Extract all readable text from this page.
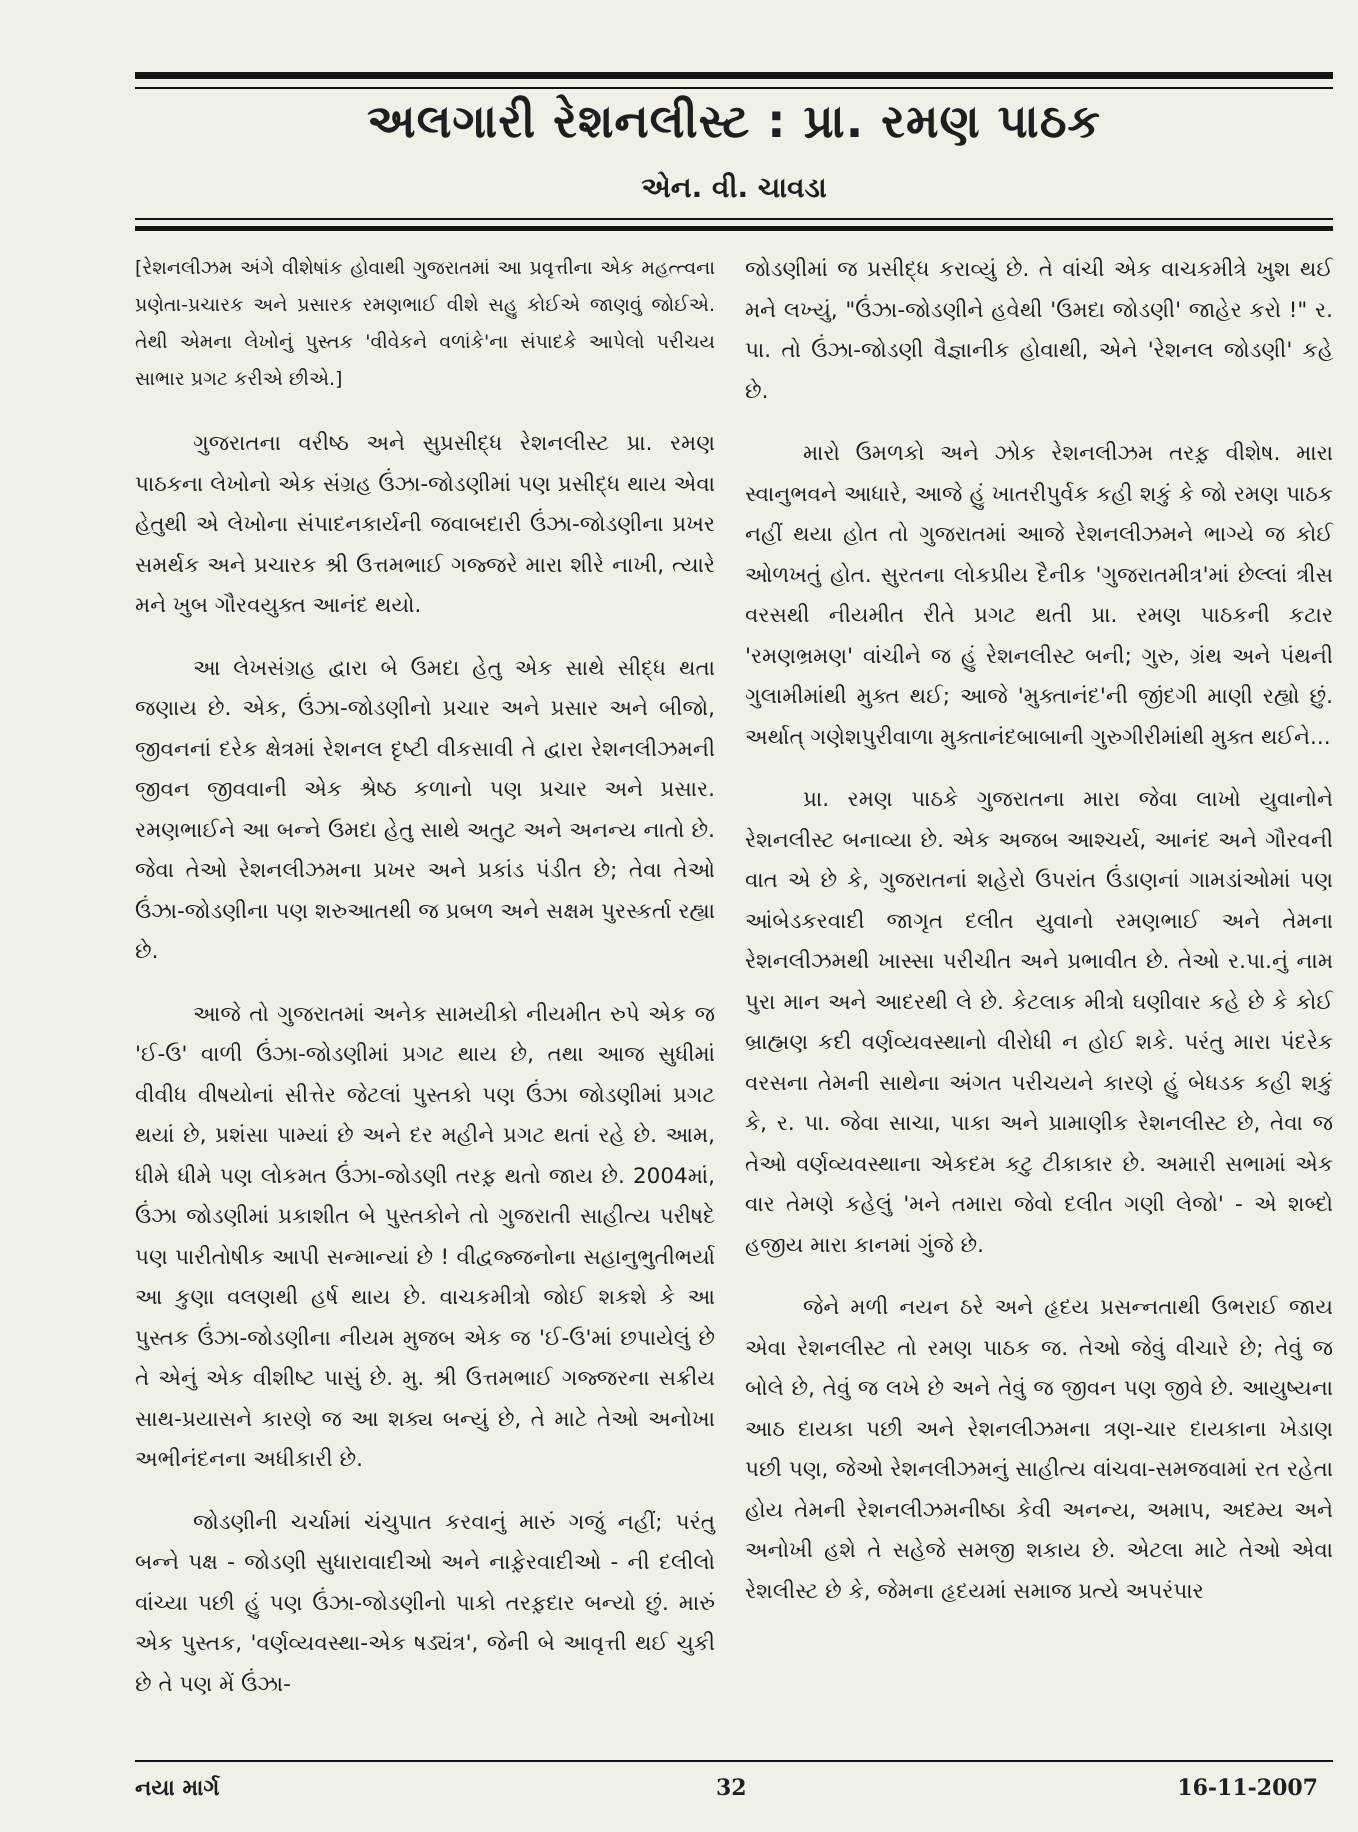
અલગારી રેશનલીસ્ટ : પ્રા. રમણ પાઠક
એન. વી. ચાવડા

[રેશનલીઝમ અંગે વીશેષાંક હોવાથી ગુજરાતમાં આ પ્રવૃત્તીના એક મહત્ત્વના પ્રણેતા-પ્રચારક અને પ્રસારક રમણભાઈ વીશે સહુ કોઈએ જાણવું જોઈએ. તેથી એમના લેખોનું પુસ્તક 'વીવેકને વળાંકે'ના સંપાદકે આપેલો પરીચય સાભાર પ્રગટ કરીએ છીએ.]

ગુજરાતના વરીષ્ઠ અને સુપ્રસીદ્ધ રેશનલીસ્ટ પ્રા. રમણ પાઠકના લેખોનો એક સંગ્રહ ઉંઝા-જોડણીમાં પણ પ્રસીદ્ધ થાય એવા હેતુથી એ લેખોના સંપાદનકાર્યની જવાબદારી ઉંઝા-જોડણીના પ્રખર સમર્થક અને પ્રચારક શ્રી ઉત્તમભાઈ ગજ્જરે મારા શીરે નાખી, ત્યારે મને ખુબ ગૌરવયુક્ત આનંદ થયો.

આ લેખસંગ્રહ દ્વારા બે ઉમદા હેતુ એક સાથે સીદ્ધ થતા જણાય છે. એક, ઉંઝા-જોડણીનો પ્રચાર અને પ્રસાર અને બીજો, જીવનનાં દરેક ક્ષેત્રમાં રેશનલ દૃષ્ટી વીકસાવી તે દ્વારા રેશનલીઝમની જીવન જીવવાની એક શ્રેષ્ઠ કળાનો પણ પ્રચાર અને પ્રસાર. રમણભાઈને આ બન્ને ઉમદા હેતુ સાથે અતુટ અને અનન્ય નાતો છે. જેવા તેઓ રેશનલીઝમના પ્રખર અને પ્રકાંડ પંડીત છે; તેવા તેઓ ઉંઝા-જોડણીના પણ શરુઆતથી જ પ્રબળ અને સક્ષમ પુરસ્કર્તા રહ્યા છે.

આજે તો ગુજરાતમાં અનેક સામયીકો નીયમીત રુપે એક જ 'ઈ-ઉ' વાળી ઉંઝા-જોડણીમાં પ્રગટ થાય છે, તથા આજ સુધીમાં વીવીધ વીષયોનાં સીત્તેર જેટલાં પુસ્તકો પણ ઉંઝા જોડણીમાં પ્રગટ થયાં છે, પ્રશંસા પામ્યાં છે અને દર મહીને પ્રગટ થતાં રહે છે. આમ, ધીમે ધીમે પણ લોકમત ઉંઝા-જોડણી તરફ઼ થતો જાય છે. 2004માં, ઉંઝા જોડણીમાં પ્રકાશીત બે પુસ્તકોને તો ગુજરાતી સાહીત્ય પરીષદે પણ પારીતોષીક આપી સન્માન્યાં છે ! વીદ્વજ્જનોના સહાનુભુતીભર્યા આ કુણા વલણથી હર્ષ થાય છે. વાચકમીત્રો જોઈ શકશે કે આ પુસ્તક ઉંઝા-જોડણીના નીયમ મુજબ એક જ 'ઈ-ઉ'માં છપાયેલું છે તે એનું એક વીશીષ્ટ પાસું છે. મુ. શ્રી ઉત્તમભાઈ ગજ્જરના સક્રીય સાથ-પ્રયાસને કારણે જ આ શક્ય બન્યું છે, તે માટે તેઓ અનોખા અભીનંદનના અધીકારી છે.

જોડણીની ચર્ચામાં ચંચુપાત કરવાનું મારું ગજું નહીં; પરંતુ બન્ને પક્ષ - જોડણી સુધારાવાદીઓ અને નાફ઼ેરવાદીઓ - ની દલીલો વાંચ્યા પછી હું પણ ઉંઝા-જોડણીનો પાકો તરફ઼દાર બન્યો છું. મારું એક પુસ્તક, 'વર્ણવ્યવસ્થા-એક ષડ્યંત્ર', જેની બે આવૃત્તી થઈ ચુકી છે તે પણ મેં ઉંઝા-

જોડણીમાં જ પ્રસીદ્ધ કરાવ્યું છે. તે વાંચી એક વાચકમીત્રે ખુશ થઈ મને લખ્યું, "ઉંઝા-જોડણીને હવેથી 'ઉમદા જોડણી' જાહેર કરો !" ર. પા. તો ઉંઝા-જોડણી વૈજ્ઞાનીક હોવાથી, એને 'રેશનલ જોડણી' કહે છે.

મારો ઉમળકો અને ઝોક રેશનલીઝમ તરફ઼ વીશેષ. મારા સ્વાનુભવને આધારે, આજે હું ખાતરીપુર્વક કહી શકું કે જો રમણ પાઠક નહીં થયા હોત તો ગુજરાતમાં આજે રેશનલીઝમને ભાગ્યે જ કોઈ ઓળખતું હોત. સુરતના લોકપ્રીય દૈનીક 'ગુજરાતમીત્ર'માં છેલ્લાં ત્રીસ વરસથી નીયમીત રીતે પ્રગટ થતી પ્રા. રમણ પાઠકની કટાર 'રમણભ્રમણ' વાંચીને જ હું રેશનલીસ્ટ બની; ગુરુ, ગ્રંથ અને પંથની ગુલામીમાંથી મુક્ત થઈ; આજે 'મુક્તાનંદ'ની જીંદગી માણી રહ્યો છું. અર્થાત્ ગણેશપુરીવાળા મુક્તાનંદબાબાની ગુરુગીરીમાંથી મુક્ત થઈને...

પ્રા. રમણ પાઠકે ગુજરાતના મારા જેવા લાખો યુવાનોને રેશનલીસ્ટ બનાવ્યા છે. એક અજબ આશ્ચર્ય, આનંદ અને ગૌરવની વાત એ છે કે, ગુજરાતનાં શહેરો ઉપરાંત ઉંડાણનાં ગામડાંઓમાં પણ આંબેડકરવાદી જાગૃત દલીત યુવાનો રમણભાઈ અને તેમના રેશનલીઝમથી ખાસ્સા પરીચીત અને પ્રભાવીત છે. તેઓ ર.પા.નું નામ પુરા માન અને આદરથી લે છે. કેટલાક મીત્રો ઘણીવાર કહે છે કે કોઈ બ્રાહ્મણ કદી વર્ણવ્યવસ્થાનો વીરોધી ન હોઈ શકે. પરંતુ મારા પંદરેક વરસના તેમની સાથેના અંગત પરીચયને કારણે હું બેધડક કહી શકું કે, ર. પા. જેવા સાચા, પાકા અને પ્રામાણીક રેશનલીસ્ટ છે, તેવા જ તેઓ વર્ણવ્યવસ્થાના એકદમ કટુ ટીકાકાર છે. અમારી સભામાં એક વાર તેમણે કહેલું 'મને તમારા જેવો દલીત ગણી લેજો' - એ શબ્દો હજીય મારા કાનમાં ગુંજે છે.

જેને મળી નયન ઠરે અને હૃદય પ્રસન્નતાથી ઉભરાઈ જાય એવા રેશનલીસ્ટ તો રમણ પાઠક જ. તેઓ જેવું વીચારે છે; તેવું જ બોલે છે, તેવું જ લખે છે અને તેવું જ જીવન પણ જીવે છે. આયુષ્યના આઠ દાયકા પછી અને રેશનલીઝમના ત્રણ-ચાર દાયકાના ખેડાણ પછી પણ, જેઓ રેશનલીઝમનું સાહીત્ય વાંચવા-સમજવામાં રત રહેતા હોય તેમની રેશનલીઝમનીષ્ઠા કેવી અનન્ય, અમાપ, અદમ્ય અને અનોખી હશે તે સહેજે સમજી શકાય છે. એટલા માટે તેઓ એવા રેશલીસ્ટ છે કે, જેમના હૃદયમાં સમાજ પ્રત્યે અપરંપાર

નયા માર્ગ	32	16-11-2007
